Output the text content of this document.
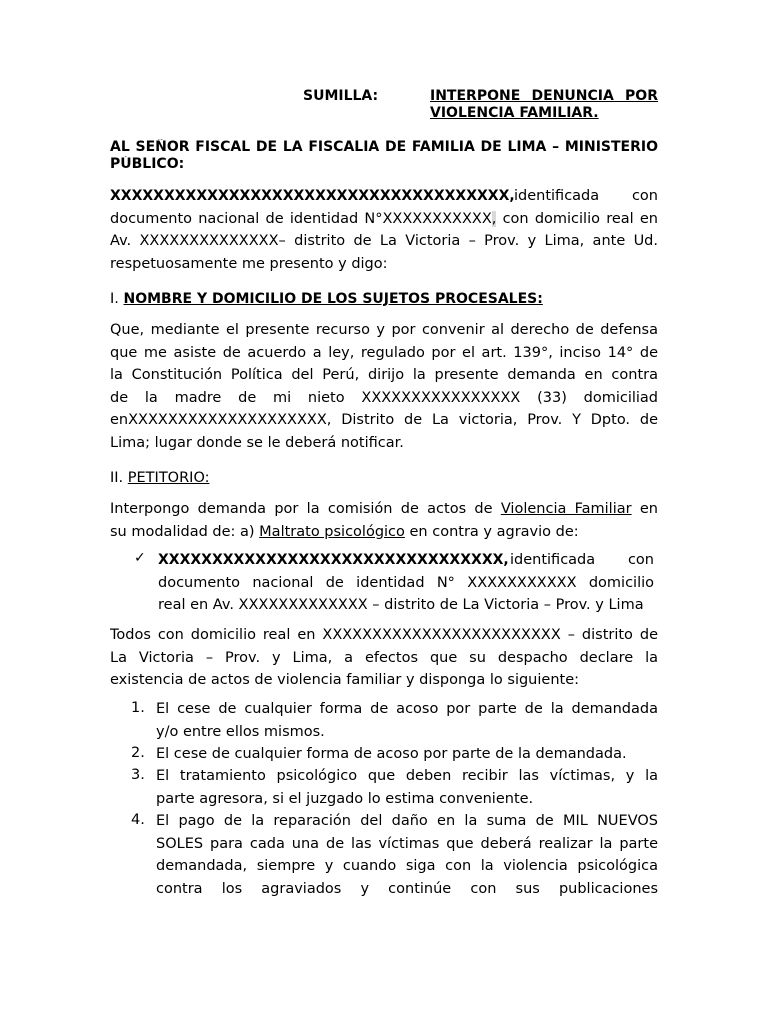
SUMILLA:	INTERPONE DENUNCIA POR
VIOLENCIA FAMILIAR.
AL SEÑOR FISCAL DE LA FISCALIA DE FAMILIA DE LIMA – MINISTERIO
PÚBLICO:
XXXXXXXXXXXXXXXXXXXXXXXXXXXXXXXXXXXXX, identificada con
documento nacional de identidad N°XXXXXXXXXXX, con domicilio real en
Av. XXXXXXXXXXXXXX– distrito de La Victoria – Prov. y Lima, ante Ud.
respetuosamente me presento y digo:
I. NOMBRE Y DOMICILIO DE LOS SUJETOS PROCESALES:
Que, mediante el presente recurso y por convenir al derecho de defensa
que me asiste de acuerdo a ley, regulado por el art. 139°, inciso 14° de
la Constitución Política del Perú, dirijo la presente demanda en contra
de la madre de mi nieto XXXXXXXXXXXXXXXX (33) domiciliad
enXXXXXXXXXXXXXXXXXXXX, Distrito de La victoria, Prov. Y Dpto. de
Lima; lugar donde se le deberá notificar.
II. PETITORIO:
Interpongo demanda por la comisión de actos de Violencia Familiar en
su modalidad de: a) Maltrato psicológico en contra y agravio de:
✓ XXXXXXXXXXXXXXXXXXXXXXXXXXXXXXXX, identificada con
documento nacional de identidad N° XXXXXXXXXXX domicilio
real en Av. XXXXXXXXXXXXX – distrito de La Victoria – Prov. y Lima
Todos con domicilio real en XXXXXXXXXXXXXXXXXXXXXXXX – distrito de
La Victoria – Prov. y Lima, a efectos que su despacho declare la
existencia de actos de violencia familiar y disponga lo siguiente:
1. El cese de cualquier forma de acoso por parte de la demandada
y/o entre ellos mismos.
2. El cese de cualquier forma de acoso por parte de la demandada.
3. El tratamiento psicológico que deben recibir las víctimas, y la
parte agresora, si el juzgado lo estima conveniente.
4. El pago de la reparación del daño en la suma de MIL NUEVOS
SOLES para cada una de las víctimas que deberá realizar la parte
demandada, siempre y cuando siga con la violencia psicológica
contra los agraviados y continúe con sus publicaciones
